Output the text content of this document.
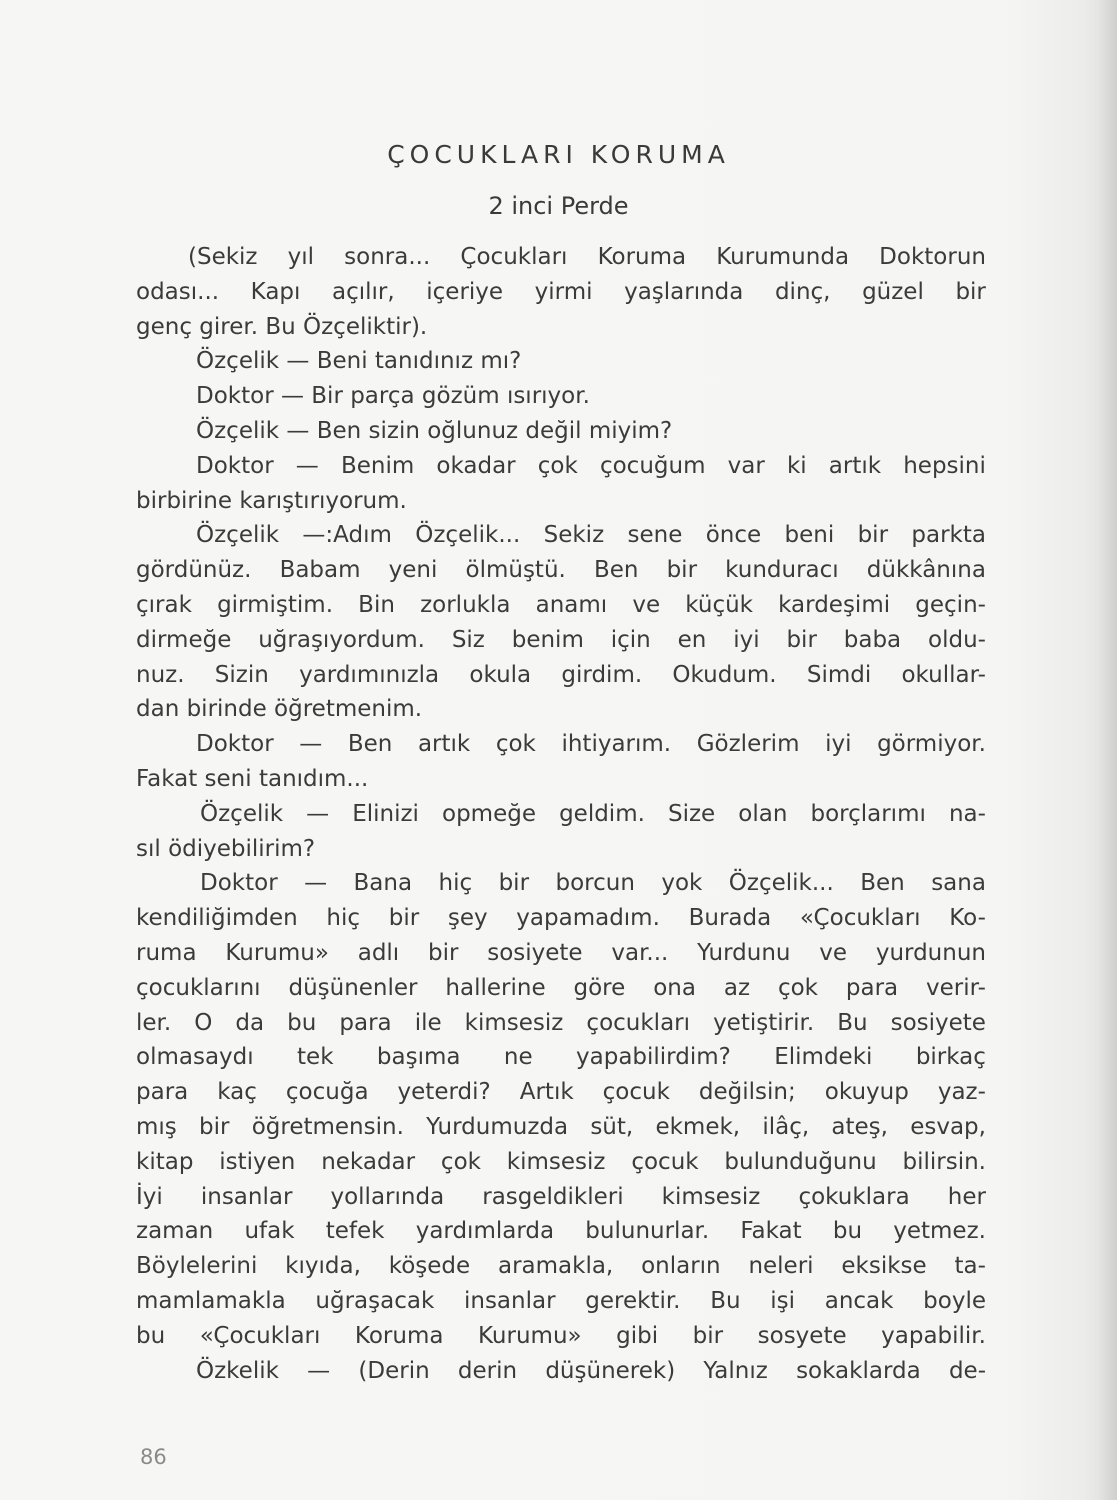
ÇOCUKLARI KORUMA
2 inci Perde
(Sekiz yıl sonra... Çocukları Koruma Kurumunda Doktorun
odası... Kapı açılır, içeriye yirmi yaşlarında dinç, güzel bir
genç girer. Bu Özçeliktir).
Özçelik — Beni tanıdınız mı?
Doktor — Bir parça gözüm ısırıyor.
Özçelik — Ben sizin oğlunuz değil miyim?
Doktor — Benim okadar çok çocuğum var ki artık hepsini
birbirine karıştırıyorum.
Özçelik —:Adım Özçelik... Sekiz sene önce beni bir parkta
gördünüz. Babam yeni ölmüştü. Ben bir kunduracı dükkânına
çırak girmiştim. Bin zorlukla anamı ve küçük kardeşimi geçin-
dirmeğe uğraşıyordum. Siz benim için en iyi bir baba oldu-
nuz. Sizin yardımınızla okula girdim. Okudum. Simdi okullar-
dan birinde öğretmenim.
Doktor — Ben artık çok ihtiyarım. Gözlerim iyi görmiyor.
Fakat seni tanıdım...
Özçelik — Elinizi opmeğe geldim. Size olan borçlarımı na-
sıl ödiyebilirim?
Doktor — Bana hiç bir borcun yok Özçelik... Ben sana
kendiliğimden hiç bir şey yapamadım. Burada «Çocukları Ko-
ruma Kurumu» adlı bir sosiyete var... Yurdunu ve yurdunun
çocuklarını düşünenler hallerine göre ona az çok para verir-
ler. O da bu para ile kimsesiz çocukları yetiştirir. Bu sosiyete
olmasaydı tek başıma ne yapabilirdim? Elimdeki birkaç
para kaç çocuğa yeterdi? Artık çocuk değilsin; okuyup yaz-
mış bir öğretmensin. Yurdumuzda süt, ekmek, ilâç, ateş, esvap,
kitap istiyen nekadar çok kimsesiz çocuk bulunduğunu bilirsin.
İyi insanlar yollarında rasgeldikleri kimsesiz çokuklara her
zaman ufak tefek yardımlarda bulunurlar. Fakat bu yetmez.
Böylelerini kıyıda, köşede aramakla, onların neleri eksikse ta-
mamlamakla uğraşacak insanlar gerektir. Bu işi ancak boyle
bu «Çocukları Koruma Kurumu» gibi bir sosyete yapabilir.
Özkelik — (Derin derin düşünerek) Yalnız sokaklarda de-
86
